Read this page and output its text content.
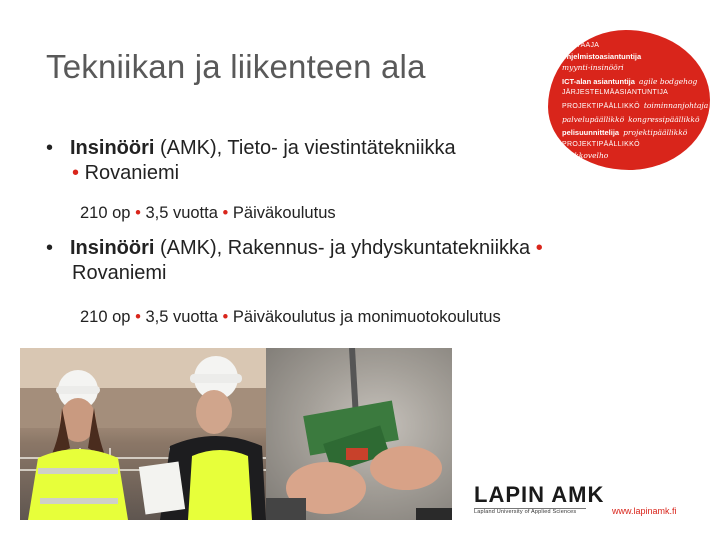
Tekniikan ja liikenteen ala
TESTAAJA
ohjelmistoasiantuntija
myynti-insinööri
ICT-alan asiantuntija agile bodgehog
JÄRJESTELMÄASIANTUNTIJA
PROJEKTIPÄÄLLIKKÖ toiminnanjohtaja
palvelupäällikkö kongressipäällikkö
pelisuunnittelija projektipäällikkö
PROJEKTIPÄÄLLIKKÖ
verkkovelho
• Insinööri (AMK), Tieto- ja viestintätekniikka
• Rovaniemi
210 op • 3,5 vuotta • Päiväkoulutus
• Insinööri (AMK), Rakennus- ja yhdyskuntatekniikka •
Rovaniemi
210 op • 3,5 vuotta • Päiväkoulutus ja monimuotokoulutus
LAPIN AMK
Lapland University of Applied Sciences	www.lapinamk.fi
